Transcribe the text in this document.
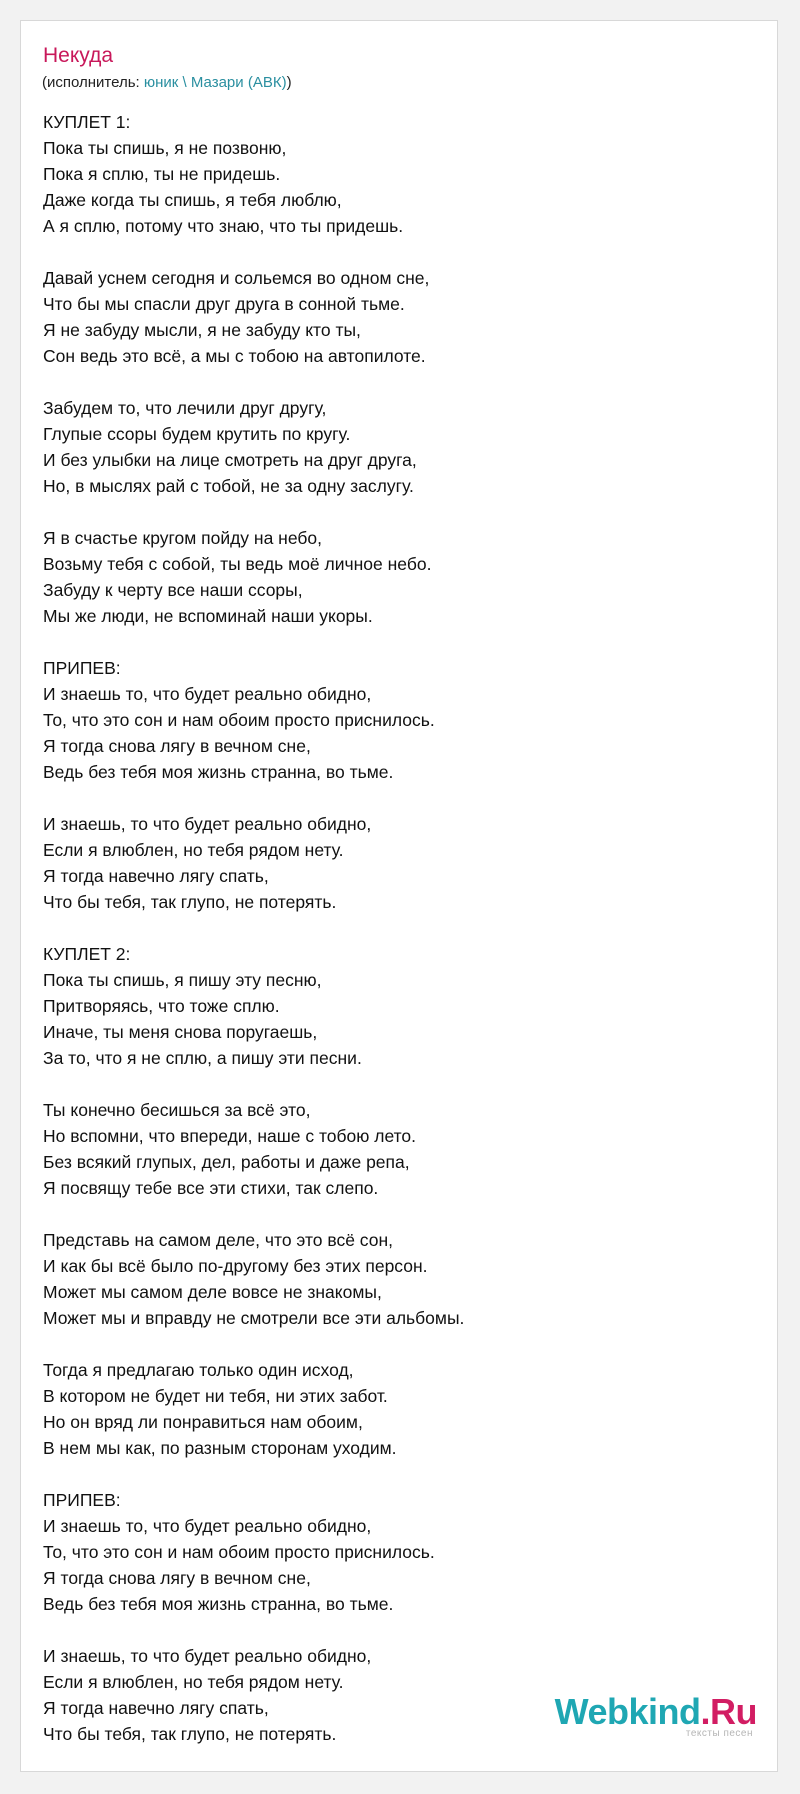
Некуда
(исполнитель: юник \ Мазари (АВК))
КУПЛЕТ 1:
Пока ты спишь, я не позвоню,
Пока я сплю, ты не придешь.
Даже когда ты спишь, я тебя люблю,
А я сплю, потому что знаю, что ты придешь.
Давай уснем сегодня и сольемся во одном сне,
Что бы мы спасли друг друга в сонной тьме.
Я не забуду мысли, я не забуду кто ты,
Сон ведь это всё, а мы с тобою на автопилоте.
Забудем то, что лечили друг другу,
Глупые ссоры будем крутить по кругу.
И без улыбки на лице смотреть на друг друга,
Но, в мыслях рай с тобой, не за одну заслугу.
Я в счастье кругом пойду на небо,
Возьму тебя с собой, ты ведь моё личное небо.
Забуду к черту все наши ссоры,
Мы же люди, не вспоминай наши укоры.
ПРИПЕВ:
И знаешь то, что будет реально обидно,
То, что это сон и нам обоим просто приснилось.
Я тогда снова лягу в вечном сне,
Ведь без тебя моя жизнь странна, во тьме.
И знаешь, то что будет реально обидно,
Если я влюблен, но тебя рядом нету.
Я тогда навечно лягу спать,
Что бы тебя, так глупо, не потерять.
КУПЛЕТ 2:
Пока ты спишь, я пишу эту песню,
Притворяясь, что тоже сплю.
Иначе, ты меня снова поругаешь,
За то, что я не сплю, а пишу эти песни.
Ты конечно бесишься за всё это,
Но вспомни, что впереди, наше с тобою лето.
Без всякий глупых, дел, работы и даже репа,
Я посвящу тебе все эти стихи, так слепо.
Представь на самом деле, что это всё сон,
И как бы всё было по-другому без этих персон.
Может мы самом деле вовсе не знакомы,
Может мы и вправду не смотрели все эти альбомы.
Тогда я предлагаю только один исход,
В котором не будет ни тебя, ни этих забот.
Но он вряд ли понравиться нам обоим,
В нем мы как, по разным сторонам уходим.
ПРИПЕВ:
И знаешь то, что будет реально обидно,
То, что это сон и нам обоим просто приснилось.
Я тогда снова лягу в вечном сне,
Ведь без тебя моя жизнь странна, во тьме.
И знаешь, то что будет реально обидно,
Если я влюблен, но тебя рядом нету.
Я тогда навечно лягу спать,
Что бы тебя, так глупо, не потерять.
Webkind.Ru
тексты песен
